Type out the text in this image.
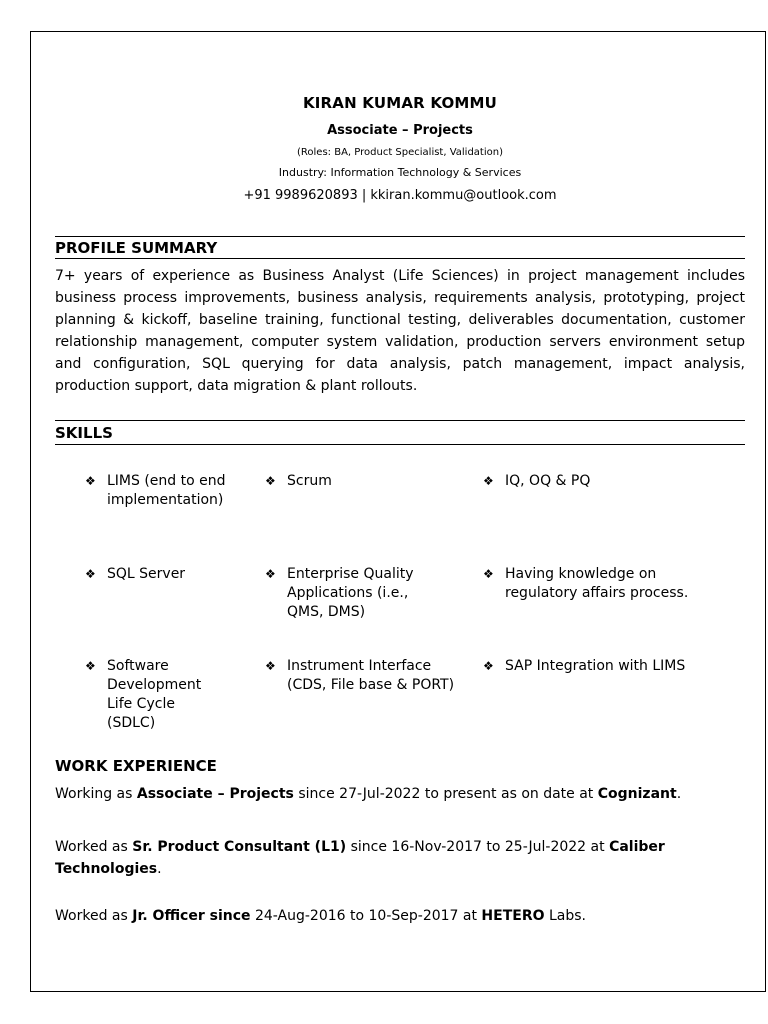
KIRAN KUMAR KOMMU
Associate – Projects
(Roles: BA, Product Specialist, Validation)
Industry: Information Technology & Services
+91 9989620893 | kkiran.kommu@outlook.com
PROFILE SUMMARY
7+ years of experience as Business Analyst (Life Sciences) in project management includes business process improvements, business analysis, requirements analysis, prototyping, project planning & kickoff, baseline training, functional testing, deliverables documentation, customer relationship management, computer system validation, production servers environment setup and configuration, SQL querying for data analysis, patch management, impact analysis, production support, data migration & plant rollouts.
SKILLS
❖ LIMS (end to end implementation)
❖ Scrum	❖ IQ, OQ & PQ
❖ SQL Server	❖ Enterprise Quality Applications (i.e., QMS, DMS)
❖ Having knowledge on regulatory affairs process.
❖ Software Development Life Cycle (SDLC)
❖ Instrument Interface (CDS, File base & PORT)
❖ SAP Integration with LIMS
WORK EXPERIENCE
Working as Associate – Projects since 27-Jul-2022 to present as on date at Cognizant.
Worked as Sr. Product Consultant (L1) since 16-Nov-2017 to 25-Jul-2022 at Caliber Technologies.
Worked as Jr. Officer since 24-Aug-2016 to 10-Sep-2017 at HETERO Labs.
